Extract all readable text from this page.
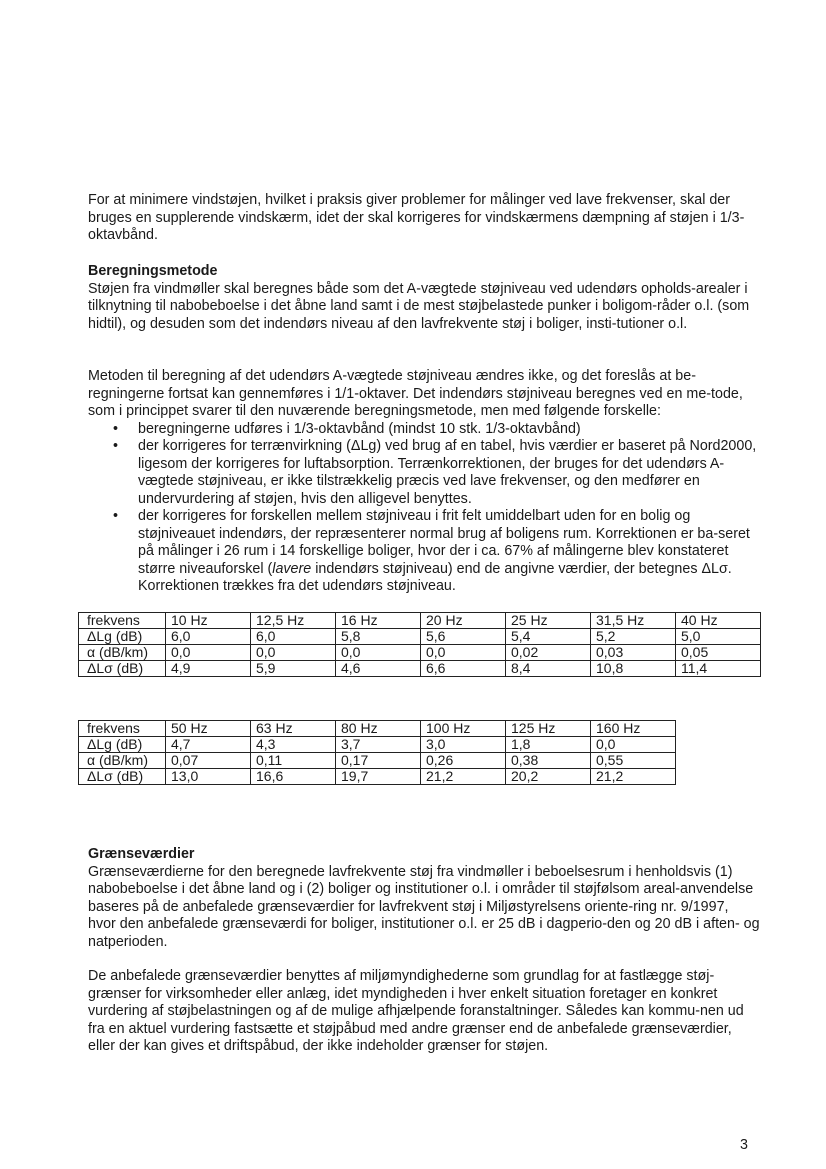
For at minimere vindstøjen, hvilket i praksis giver problemer for målinger ved lave frekvenser, skal der bruges en supplerende vindskærm, idet der skal korrigeres for vindskærmens dæmpning af støjen i 1/3-oktavbånd.

Beregningsmetode

Støjen fra vindmøller skal beregnes både som det A-vægtede støjniveau ved udendørs opholds-arealer i tilknytning til nabobeboelse i det åbne land samt i de mest støjbelastede punker i boligom-råder o.l. (som hidtil), og desuden som det indendørs niveau af den lavfrekvente støj i boliger, insti-tutioner o.l.

Metoden til beregning af det udendørs A-vægtede støjniveau ændres ikke, og det foreslås at be-regningerne fortsat kan gennemføres i 1/1-oktaver. Det indendørs støjniveau beregnes ved en me-tode, som i princippet svarer til den nuværende beregningsmetode, men med følgende forskelle:

• beregningerne udføres i 1/3-oktavbånd (mindst 10 stk. 1/3-oktavbånd)
• der korrigeres for terrænvirkning (ΔLg) ved brug af en tabel, hvis værdier er baseret på Nord2000, ligesom der korrigeres for luftabsorption. Terrænkorrektionen, der bruges for det udendørs A-vægtede støjniveau, er ikke tilstrækkelig præcis ved lave frekvenser, og den medfører en undervurdering af støjen, hvis den alligevel benyttes.
• der korrigeres for forskellen mellem støjniveau i frit felt umiddelbart uden for en bolig og støjniveauet indendørs, der repræsenterer normal brug af boligens rum. Korrektionen er ba-seret på målinger i 26 rum i 14 forskellige boliger, hvor der i ca. 67% af målingerne blev konstateret større niveauforskel (lavere indendørs støjniveau) end de angivne værdier, der betegnes ΔLσ. Korrektionen trækkes fra det udendørs støjniveau.
frekvens	10 Hz	12,5 Hz	16 Hz	20 Hz	25 Hz	31,5 Hz	40 Hz
ΔLg (dB)	6,0	6,0	5,8	5,6	5,4	5,2	5,0
α (dB/km)	0,0	0,0	0,0	0,0	0,02	0,03	0,05
ΔLσ (dB)	4,9	5,9	4,6	6,6	8,4	10,8	11,4
frekvens	50 Hz	63 Hz	80 Hz	100 Hz	125 Hz	160 Hz
ΔLg (dB)	4,7	4,3	3,7	3,0	1,8	0,0
α (dB/km)	0,07	0,11	0,17	0,26	0,38	0,55
ΔLσ (dB)	13,0	16,6	19,7	21,2	20,2	21,2

Grænseværdier

Grænseværdierne for den beregnede lavfrekvente støj fra vindmøller i beboelsesrum i henholdsvis (1) nabobeboelse i det åbne land og i (2) boliger og institutioner o.l. i områder til støjfølsom areal-anvendelse baseres på de anbefalede grænseværdier for lavfrekvent støj i Miljøstyrelsens oriente-ring nr. 9/1997, hvor den anbefalede grænseværdi for boliger, institutioner o.l. er 25 dB i dagperio-den og 20 dB i aften- og natperioden.

De anbefalede grænseværdier benyttes af miljømyndighederne som grundlag for at fastlægge støj-grænser for virksomheder eller anlæg, idet myndigheden i hver enkelt situation foretager en konkret vurdering af støjbelastningen og af de mulige afhjælpende foranstaltninger. Således kan kommu-nen ud fra en aktuel vurdering fastsætte et støjpåbud med andre grænser end de anbefalede grænseværdier, eller der kan gives et driftspåbud, der ikke indeholder grænser for støjen.

3
